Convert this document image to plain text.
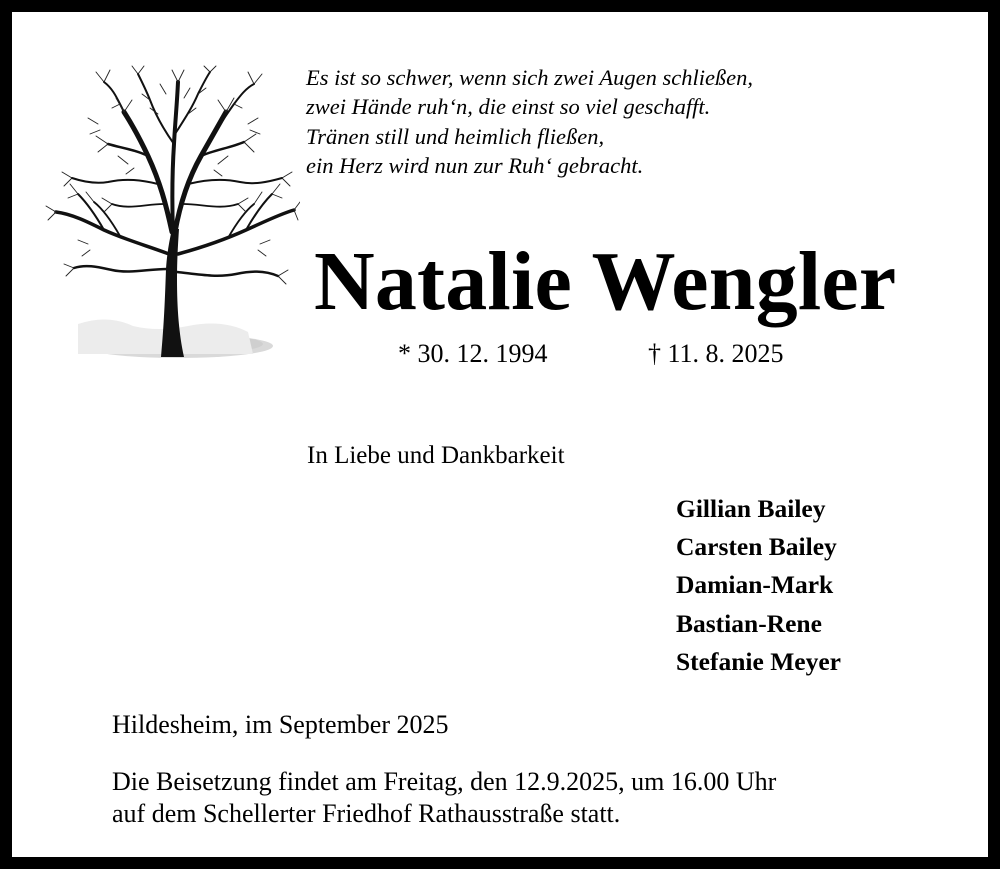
Es ist so schwer, wenn sich zwei Augen schließen,
zwei Hände ruh‘n, die einst so viel geschafft.
Tränen still und heimlich fließen,
ein Herz wird nun zur Ruh‘ gebracht.
Natalie Wengler
* 30. 12. 1994	† 11. 8. 2025
In Liebe und Dankbarkeit
Gillian Bailey
Carsten Bailey
Damian-Mark
Bastian-Rene
Stefanie Meyer
Hildesheim, im September 2025
Die Beisetzung findet am Freitag, den 12.9.2025, um 16.00 Uhr
auf dem Schellerter Friedhof Rathausstraße statt.
